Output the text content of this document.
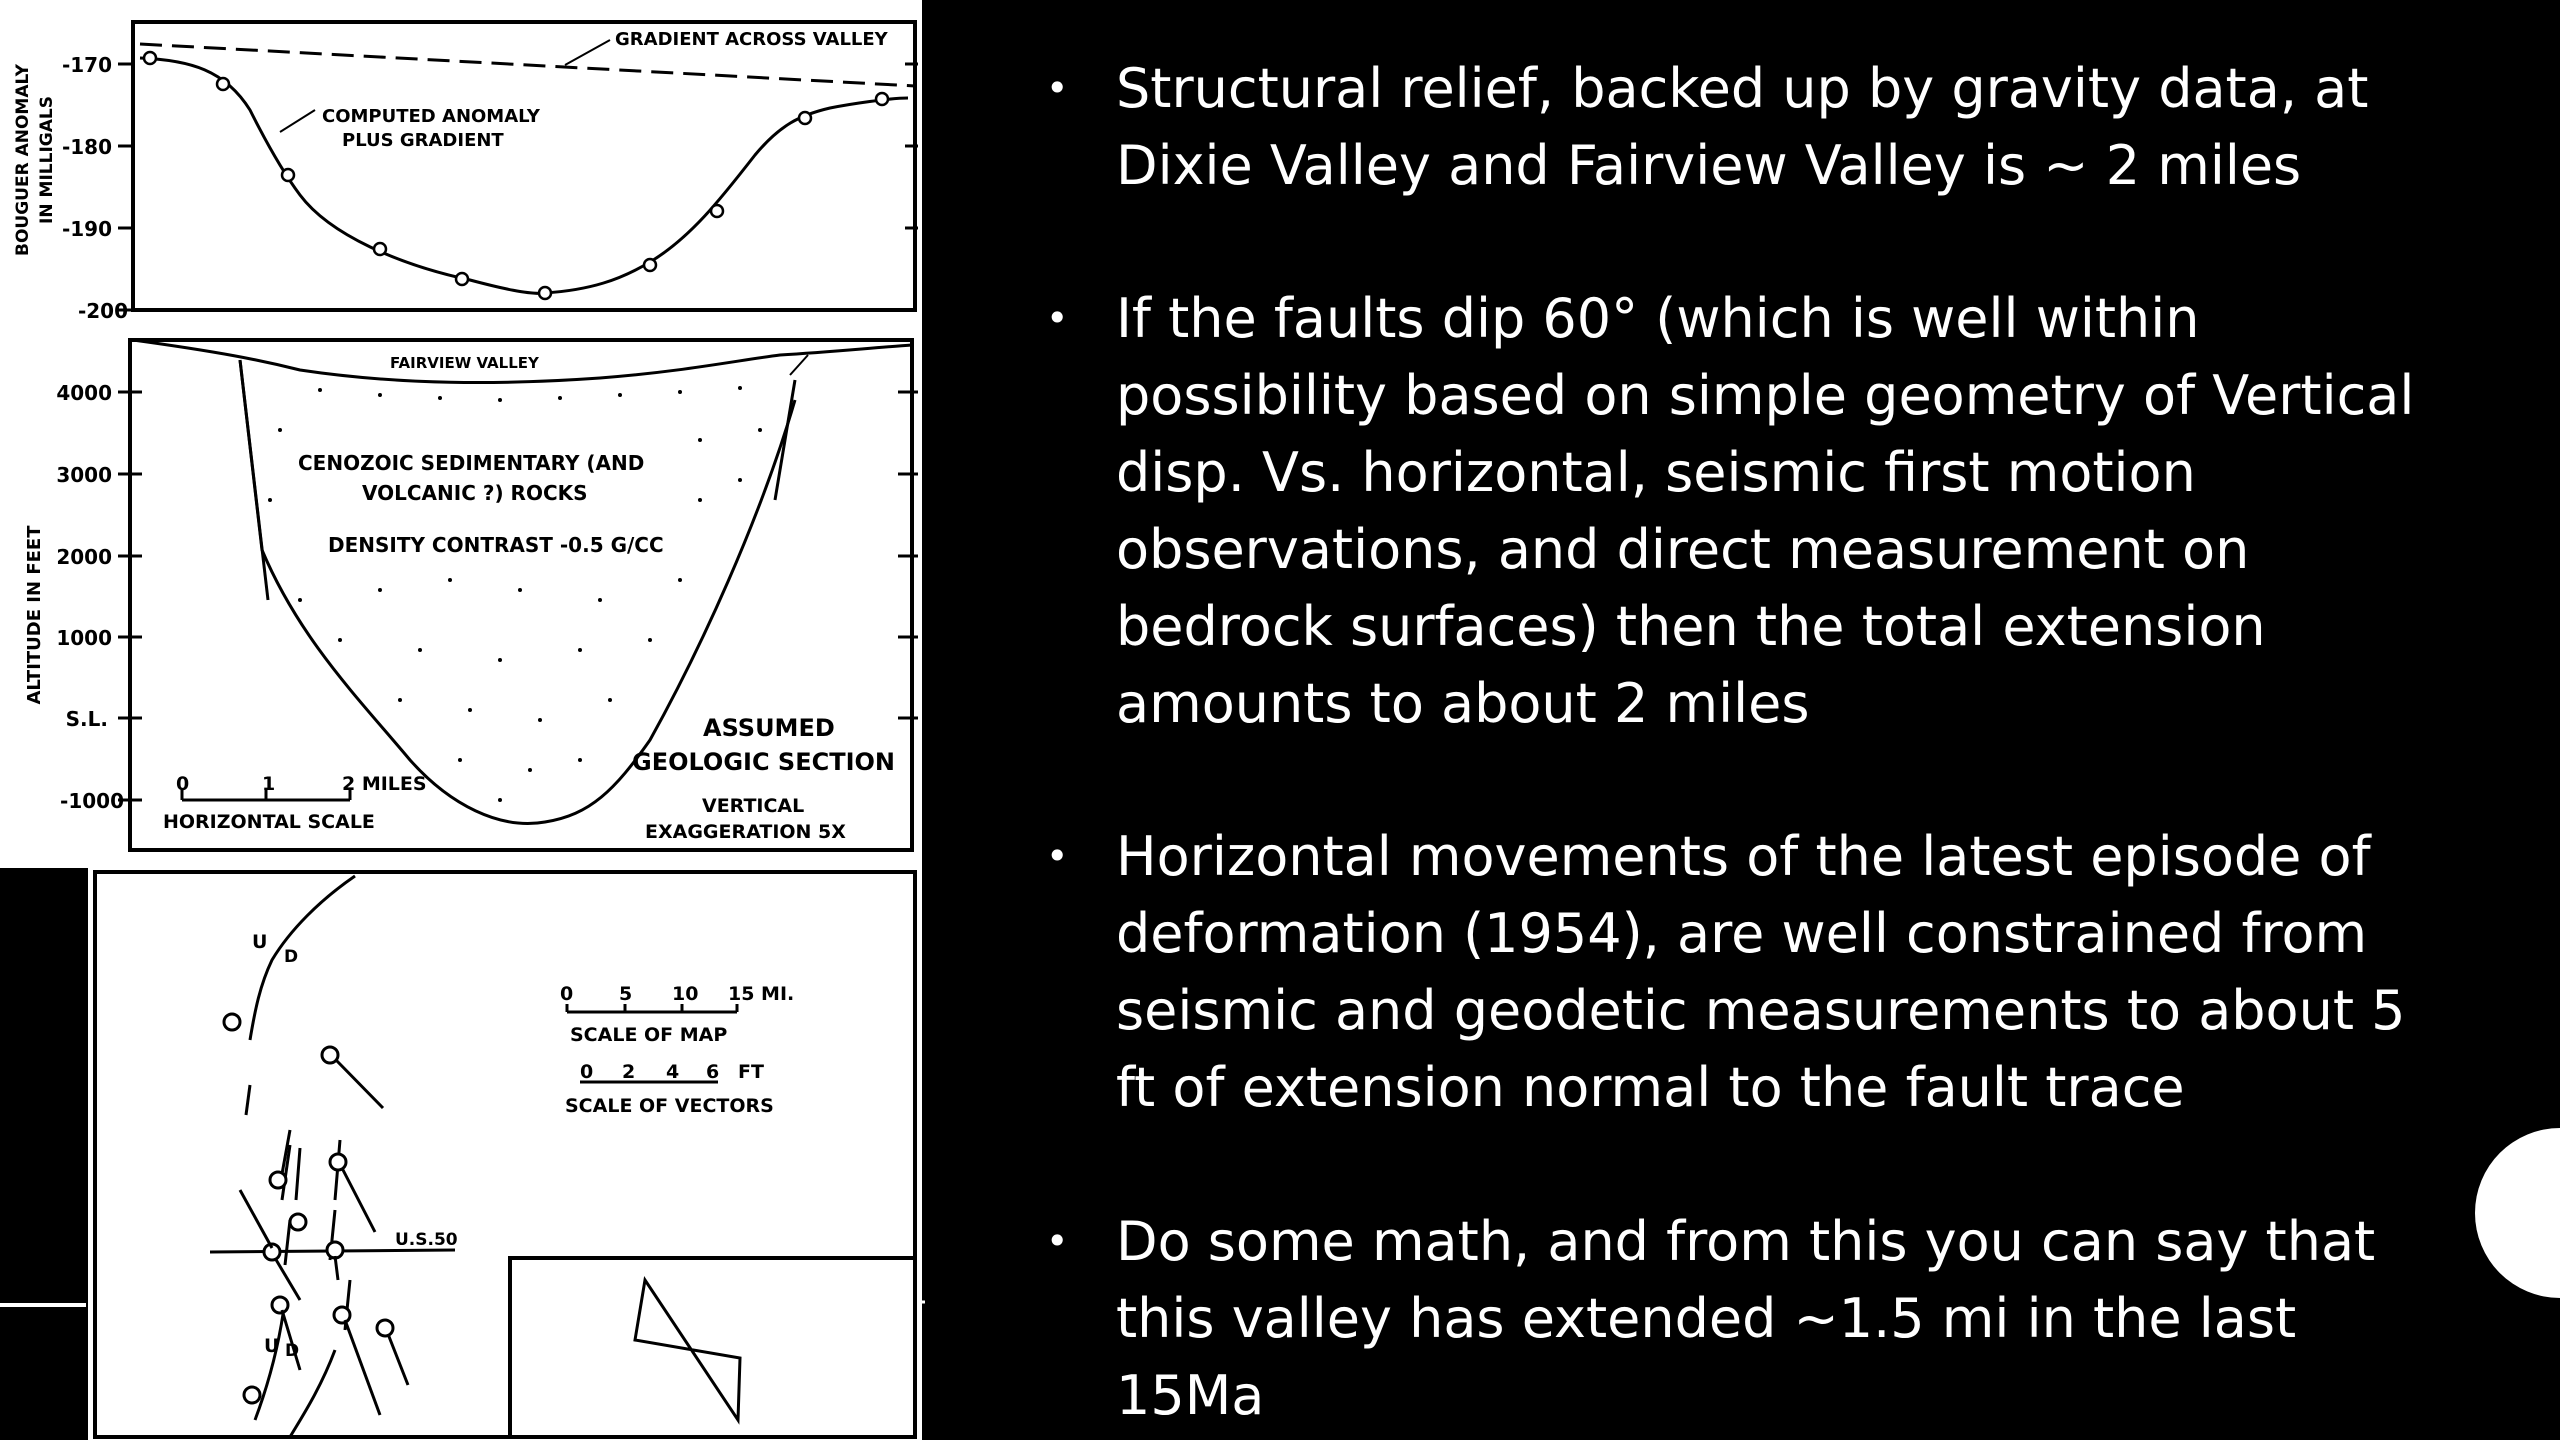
-170
-180
-190
-200
BOUGUER ANOMALY IN MILLIGALS
GRADIENT ACROSS VALLEY
COMPUTED ANOMALY
PLUS GRADIENT
4000
3000
2000
1000
S.L.
-1000
ALTITUDE IN FEET
FAIRVIEW VALLEY
CENOZOIC SEDIMENTARY (AND
VOLCANIC ?) ROCKS
DENSITY CONTRAST -0.5 G/CC
ASSUMED
GEOLOGIC SECTION
VERTICAL
EXAGGERATION 5X
0	1	2 MILES
HORIZONTAL SCALE
U.S.50
U
D
U D
0 5 10 15 MI.
SCALE OF MAP
0 2 4 6 FT
SCALE OF VECTORS
• Structural relief, backed up by gravity data, at
Dixie Valley and Fairview Valley is ~ 2 miles
• If the faults dip 60° (which is well within
possibility based on simple geometry of Vertical
disp. Vs. horizontal, seismic first motion
observations, and direct measurement on
bedrock surfaces) then the total extension
amounts to about 2 miles
• Horizontal movements of the latest episode of
deformation (1954), are well constrained from
seismic and geodetic measurements to about 5
ft of extension normal to the fault trace
• Do some math, and from this you can say that
this valley has extended ~1.5 mi in the last 15Ma
